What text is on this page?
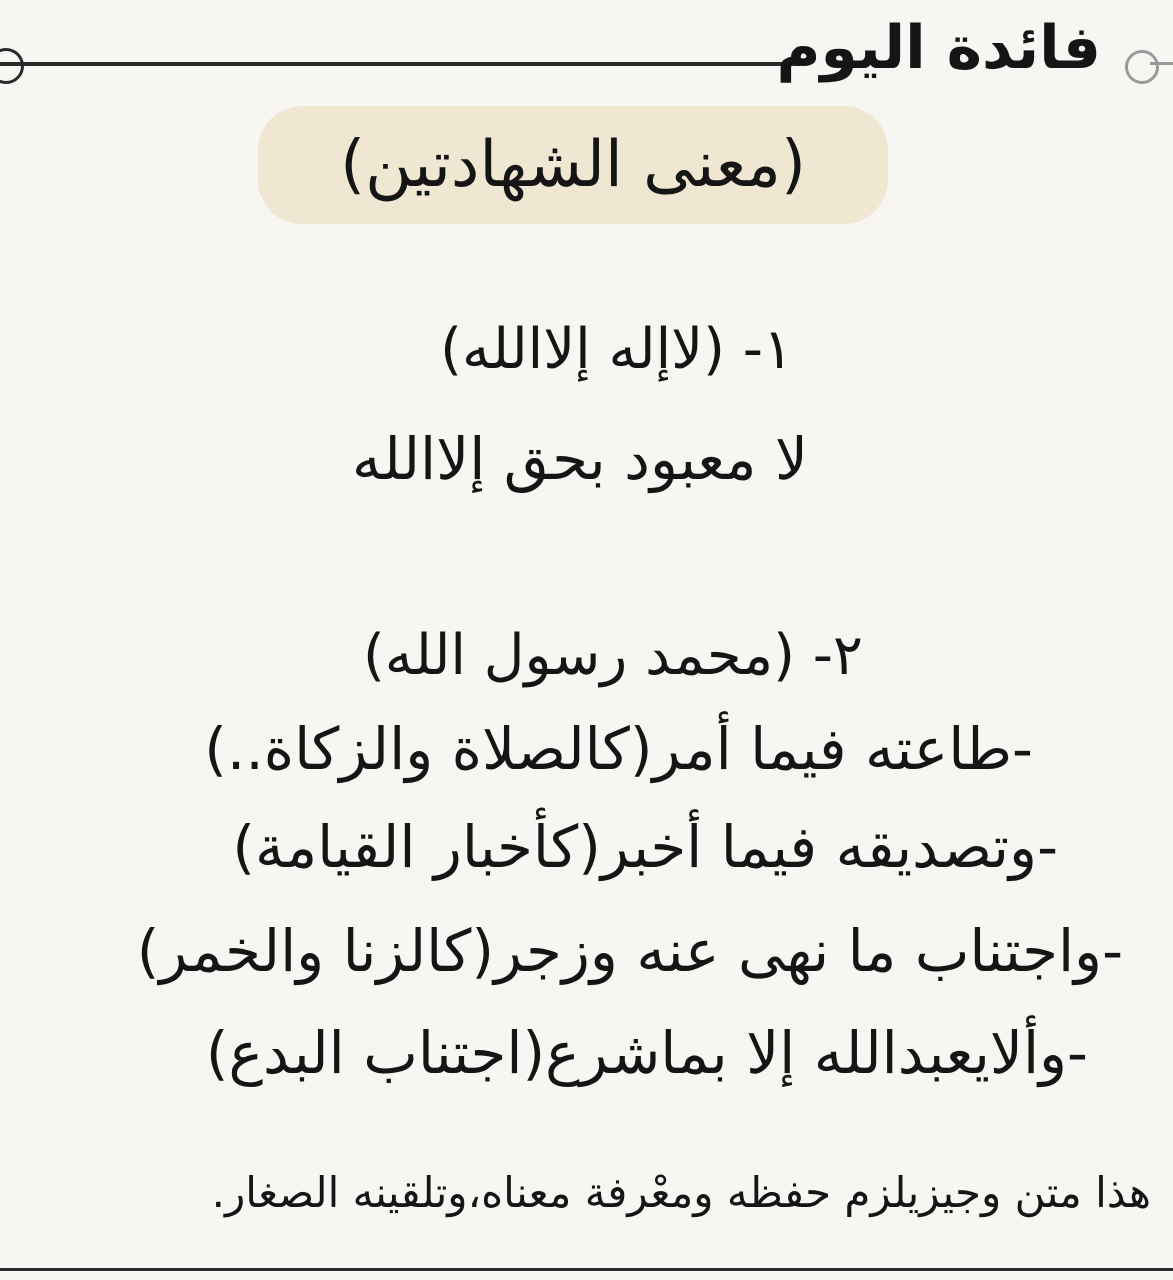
فائدة اليوم
(معنى الشهادتين)
١- (لاإله إلاالله)
لا معبود بحق إلاالله
٢- (محمد رسول الله)
-طاعته فيما أمر(كالصلاة والزكاة..)
-وتصديقه فيما أخبر(كأخبار القيامة)
-واجتناب ما نهى عنه وزجر(كالزنا والخمر)
-وألايعبدالله إلا بماشرع(اجتناب البدع)
هذا متن وجيزيلزم حفظه ومعْرفة معناه،وتلقينه الصغار.
